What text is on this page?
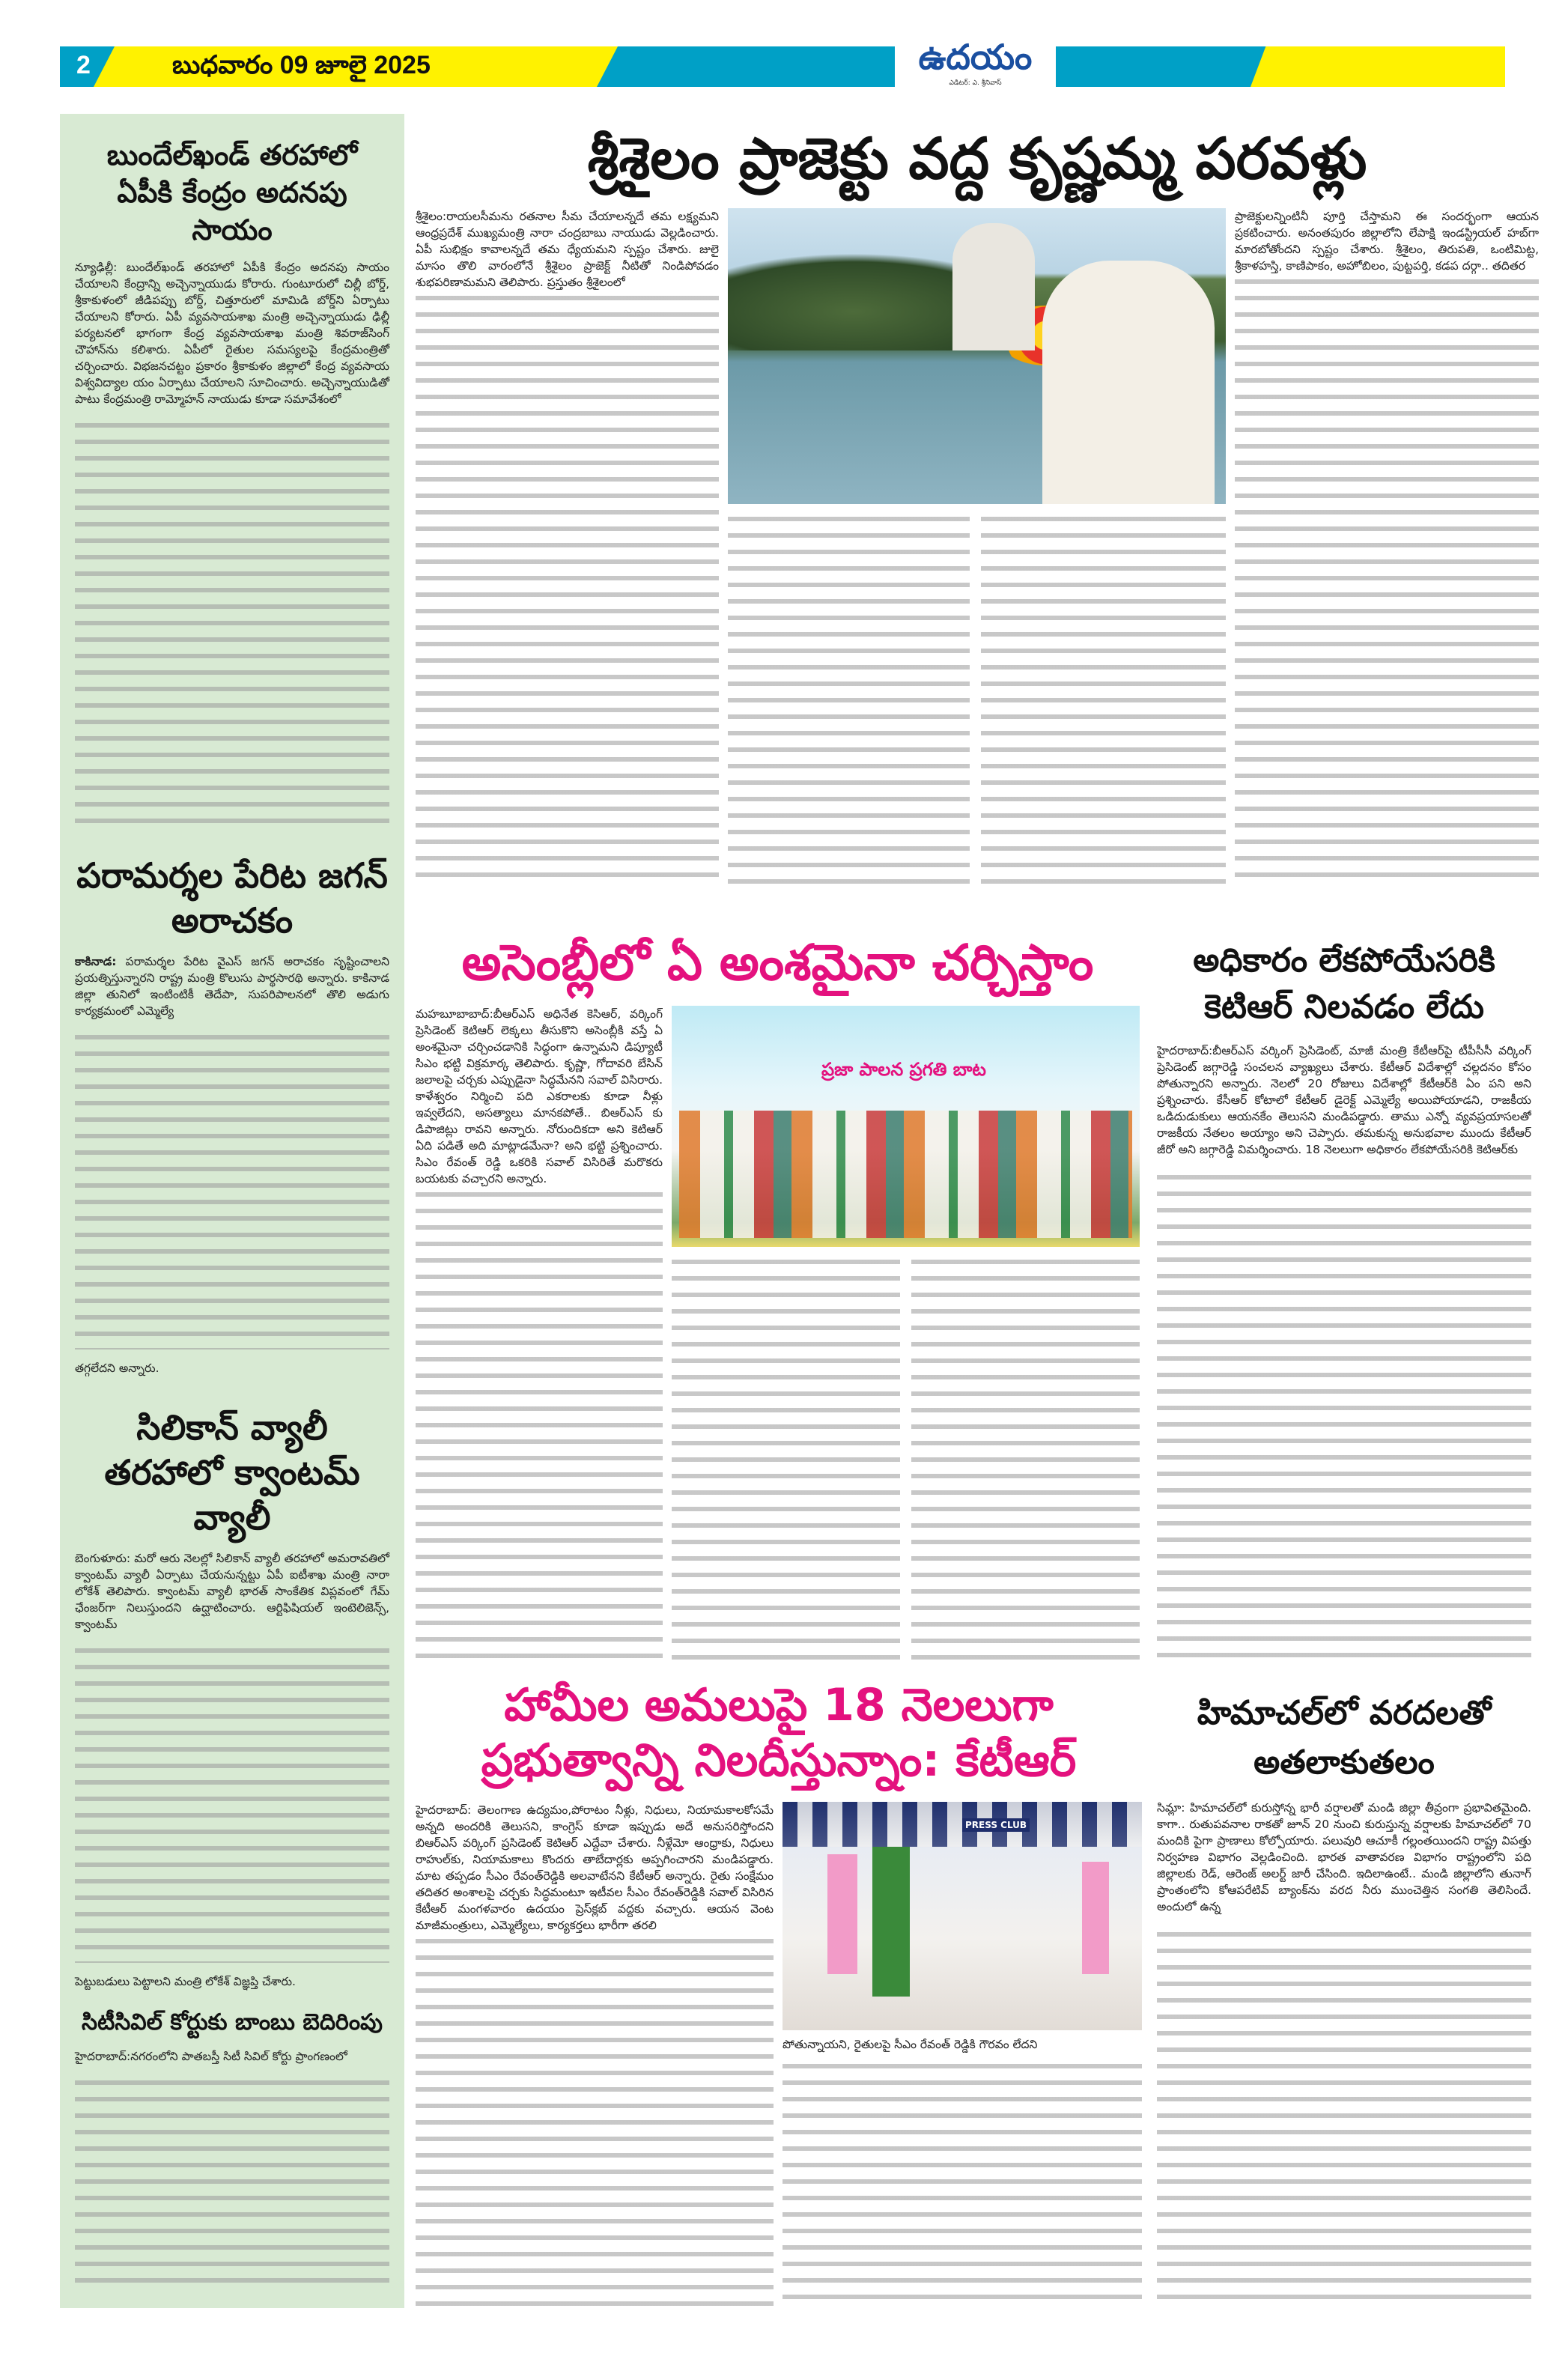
2	బుధవారం 09 జూలై 2025	ఉదయం
ఎడిటర్: ఎ. శ్రీనివాస్
బుందేల్‌ఖండ్ తరహాలో ఏపీకి కేంద్రం అదనపు సాయం
న్యూఢిల్లీ: బుందేల్‌ఖండ్ తరహాలో ఏపీకి కేంద్రం అదనపు సాయం చేయాలని కేంద్రాన్ని అచ్చెన్నాయుడు కోరారు. గుంటూరులో చిల్లీ బోర్డ్, శ్రీకాకుళంలో జీడిపప్పు బోర్డ్, చిత్తూరులో మామిడి బోర్డ్‌ని ఏర్పాటు చేయాలని కోరారు. ఏపీ వ్యవసాయశాఖ మంత్రి అచ్చెన్నాయుడు ఢిల్లీ పర్యటనలో భాగంగా కేంద్ర వ్యవసాయశాఖ మంత్రి శివరాజ్‌సింగ్ చౌహాన్‌ను కలిశారు. ఏపీలో రైతుల సమస్యలపై కేంద్రమంత్రితో చర్చించారు. విభజనచట్టం ప్రకారం శ్రీకాకుళం జిల్లాలో కేంద్ర వ్యవసాయ విశ్వవిద్యాల యం ఏర్పాటు చేయాలని సూచించారు. అచ్చెన్నాయుడితో పాటు కేంద్రమంత్రి రామ్మోహన్ నాయుడు కూడా సమావేశంలో
పరామర్శల పేరిట జగన్ అరాచకం
కాకినాడ: పరామర్శల పేరిట వైఎస్ జగన్ అరాచకం సృష్టించాలని ప్రయత్నిస్తున్నారని రాష్ట్ర మంత్రి కొలుసు పార్థసారథి అన్నారు. కాకినాడ జిల్లా తునిలో ఇంటింటికీ తెదేపా, సుపరిపాలనలో తొలి అడుగు కార్యక్రమంలో ఎమ్మెల్యే
తగ్గలేదని అన్నారు.
సిలికాన్ వ్యాలీ తరహాలో క్వాంటమ్ వ్యాలీ
బెంగుళూరు: మరో ఆరు నెలల్లో సిలికాన్ వ్యాలీ తరహాలో అమరావతిలో క్వాంటమ్ వ్యాలీ ఏర్పాటు చేయనున్నట్టు ఏపీ ఐటీశాఖ మంత్రి నారా లోకేశ్ తెలిపారు. క్వాంటమ్ వ్యాలీ భారత్ సాంకేతిక విప్లవంలో గేమ్ ఛేంజర్‌గా నిలుస్తుందని ఉద్ఘాటించారు. ఆర్టిఫిషియల్ ఇంటెలిజెన్స్, క్వాంటమ్
పెట్టుబడులు పెట్టాలని మంత్రి లోకేశ్ విజ్ఞప్తి చేశారు.
సిటీసివిల్ కోర్టుకు బాంబు బెదిరింపు
హైదరాబాద్:నగరంలోని పాతబస్తీ సిటీ సివిల్ కోర్టు ప్రాంగణంలో
శ్రీశైలం ప్రాజెక్టు వద్ద కృష్ణమ్మ పరవళ్లు
శ్రీశైలం:రాయలసీమను రతనాల సీమ చేయాలన్నదే తమ లక్ష్యమని ఆంధ్రప్రదేశ్ ముఖ్యమంత్రి నారా చంద్రబాబు నాయుడు వెల్లడించారు. ఏపీ సుభిక్షం కావాలన్నదే తమ ధ్యేయమని స్పష్టం చేశారు. జులై మాసం తొలి వారంలోనే శ్రీశైలం ప్రాజెక్ట్ నీటితో నిండిపోవడం శుభపరిణామమని తెలిపారు. ప్రస్తుతం శ్రీశైలంలో
ప్రాజెక్టులన్నింటినీ పూర్తి చేస్తామని ఈ సందర్భంగా ఆయన ప్రకటించారు. అనంతపురం జిల్లాలోని లేపాక్షి ఇండస్ట్రియల్ హబ్‌గా మారబోతోందని స్పష్టం చేశారు. శ్రీశైలం, తిరుపతి, ఒంటిమిట్ట, శ్రీకాళహస్తి, కాణిపాకం, అహోబిలం, పుట్టపర్తి, కడప దర్గా.. తదితర
అసెంబ్లీలో ఏ అంశమైనా చర్చిస్తాం
మహబూబాబాద్:బీఆర్ఎస్ అధినేత కెసిఆర్, వర్కింగ్ ప్రెసిడెంట్ కెటిఆర్ లెక్కలు తీసుకొని అసెంబ్లీకి వస్తే ఏ అంశమైనా చర్చించడానికి సిద్ధంగా ఉన్నామని డిప్యూటీ సిఎం భట్టి విక్రమార్క తెలిపారు. కృష్ణా, గోదావరి బేసిన్ జలాలపై చర్చకు ఎప్పుడైనా సిద్ధమేనని సవాల్ విసిరారు. కాళేశ్వరం నిర్మించి పది ఎకరాలకు కూడా నీళ్లు ఇవ్వలేదని, అసత్యాలు మానకపోతే.. బిఆర్ఎస్ కు డిపాజిట్లు రావని అన్నారు. నోరుందికదా అని కెటిఆర్ ఏది పడితే అది మాట్లాడమేనా? అని భట్టి ప్రశ్నించారు. సిఎం రేవంత్ రెడ్డి ఒకరికి సవాల్ విసిరితే మరొకరు బయటకు వచ్చారని అన్నారు.
ప్రజా పాలన ప్రగతి బాట
అధికారం లేకపోయేసరికి కెటిఆర్ నిలవడం లేదు
హైదరాబాద్:బీఆర్ఎస్ వర్కింగ్ ప్రెసిడెంట్, మాజీ మంత్రి కేటీఆర్‌పై టీపీసీసీ వర్కింగ్ ప్రెసిడెంట్ జగ్గారెడ్డి సంచలన వ్యాఖ్యలు చేశారు. కేటీఆర్ విదేశాల్లో చల్లదనం కోసం పోతున్నారని అన్నారు. నెలలో 20 రోజులు విదేశాల్లో కేటీఆర్‌కి ఏం పని అని ప్రశ్నించారు. కేసీఆర్ కోటాలో కేటీఆర్ డైరెక్ట్ ఎమ్మెల్యే అయిపోయాడని, రాజకీయ ఒడిదుడుకులు ఆయనకేం తెలుసని మండిపడ్డారు. తాము ఎన్నో వ్యవప్రయాసలతో రాజకీయ నేతలం అయ్యాం అని చెప్పారు. తమకున్న అనుభవాల ముందు కేటీఆర్ జీరో అని జగ్గారెడ్డి విమర్శించారు. 18 నెలలుగా అధికారం లేకపోయేసరికి కెటిఆర్‌కు
హామీల అమలుపై 18 నెలలుగా ప్రభుత్వాన్ని నిలదీస్తున్నాం: కేటీఆర్
హైదరాబాద్: తెలంగాణ ఉద్యమం,పోరాటం నీళ్లు, నిధులు, నియామకాలకోసమే అన్నది అందరికి తెలుసని, కాంగ్రెస్ కూడా ఇప్పుడు అదే అనుసరిస్తోందని బిఆర్ఎస్ వర్కింగ్ ప్రసిడెంట్ కెటిఆర్ ఎద్దేవా చేశారు. నీళ్లేమో ఆంధ్రాకు, నిధులు రాహుల్‌కు, నియామకాలు కొందరు తాబేదార్లకు అప్పగించారని మండిపడ్డారు. మాట తప్పడం సీఎం రేవంత్‌రెడ్డికి అలవాటేనని కేటీఆర్ అన్నారు. రైతు సంక్షేమం తదితర అంశాలపై చర్చకు సిద్ధమంటూ ఇటీవల సీఎం రేవంత్‌రెడ్డికి సవాల్ విసిరిన కేటీఆర్ మంగళవారం ఉదయం ప్రెస్‌క్లబ్ వద్దకు వచ్చారు. ఆయన వెంట మాజీమంత్రులు, ఎమ్మెల్యేలు, కార్యకర్తలు భారీగా తరలి
PRESS CLUB
పోతున్నాయని, రైతులపై సీఎం రేవంత్ రెడ్డికి గౌరవం లేదని
హిమాచల్‌లో వరదలతో అతలాకుతలం
సిమ్లా: హిమాచల్‌లో కురుస్తోన్న భారీ వర్షాలతో మండి జిల్లా తీవ్రంగా ప్రభావితమైంది. కాగా.. రుతుపవనాల రాకతో జూన్ 20 నుంచి కురుస్తున్న వర్షాలకు హిమాచల్‌లో 70 మందికి పైగా ప్రాణాలు కోల్పోయారు. పలువురి ఆచూకీ గల్లంతయిందని రాష్ట్ర విపత్తు నిర్వహణ విభాగం వెల్లడించింది. భారత వాతావరణ విభాగం రాష్ట్రంలోని పది జిల్లాలకు రెడ్, ఆరెంజ్ అలర్ట్ జారీ చేసింది. ఇదిలాఉంటే.. మండి జిల్లాలోని తునాగ్ ప్రాంతంలోని కోఆపరేటివ్ బ్యాంక్‌ను వరద నీరు ముంచెత్తిన సంగతి తెలిసిందే. అందులో ఉన్న
